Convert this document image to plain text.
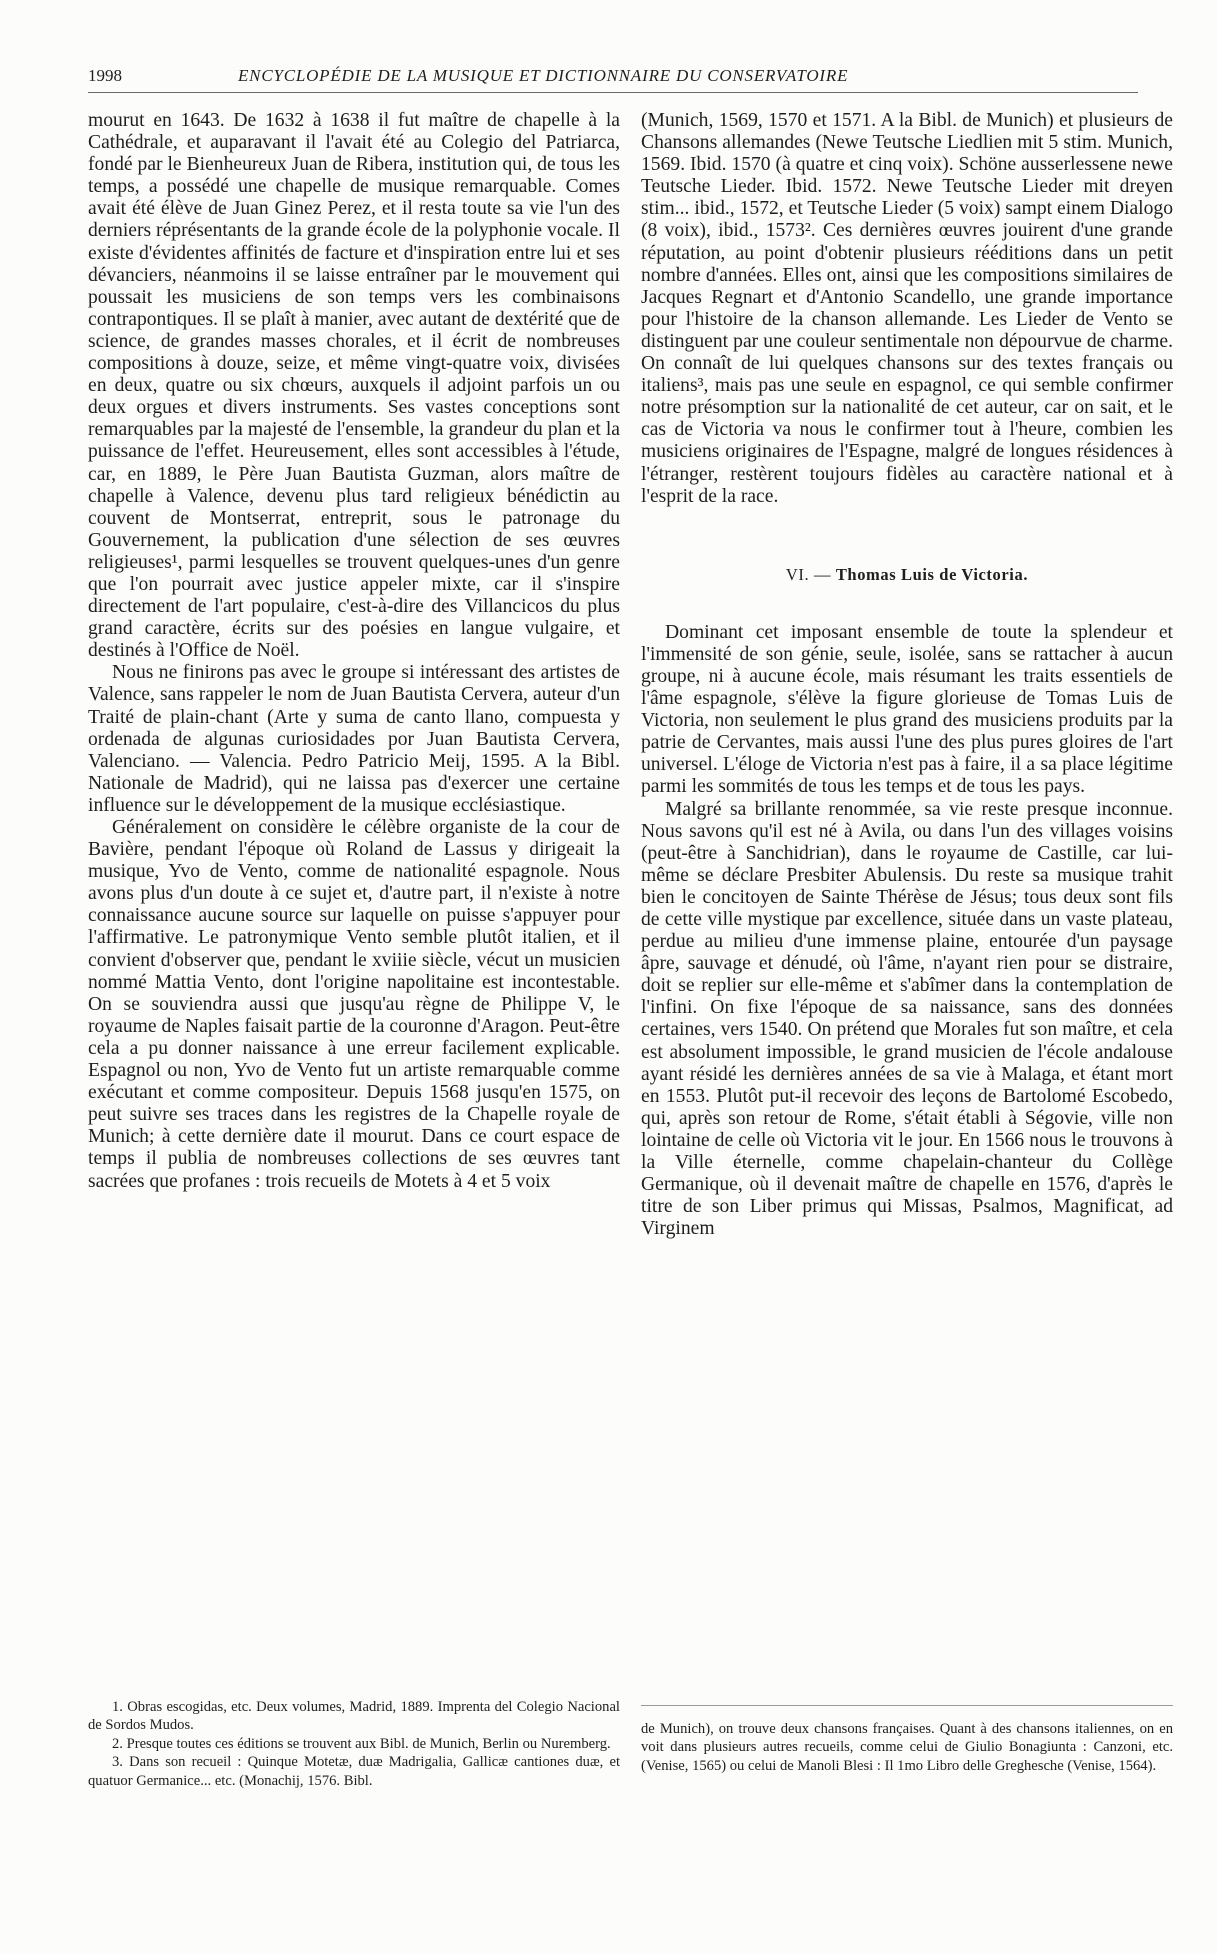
1998	ENCYCLOPÉDIE DE LA MUSIQUE ET DICTIONNAIRE DU CONSERVATOIRE

mourut en 1643. De 1632 à 1638 il fut maître de chapelle à la Cathédrale, et auparavant il l'avait été au Colegio del Patriarca, fondé par le Bienheureux Juan de Ribera, institution qui, de tous les temps, a possédé une chapelle de musique remarquable. Comes avait été élève de Juan Ginez Perez, et il resta toute sa vie l'un des derniers réprésentants de la grande école de la polyphonie vocale. Il existe d'évidentes affinités de facture et d'inspiration entre lui et ses dévanciers, néanmoins il se laisse entraîner par le mouvement qui poussait les musiciens de son temps vers les combinaisons contrapontiques. Il se plaît à manier, avec autant de dextérité que de science, de grandes masses chorales, et il écrit de nombreuses compositions à douze, seize, et même vingt-quatre voix, divisées en deux, quatre ou six chœurs, auxquels il adjoint parfois un ou deux orgues et divers instruments. Ses vastes conceptions sont remarquables par la majesté de l'ensemble, la grandeur du plan et la puissance de l'effet. Heureusement, elles sont accessibles à l'étude, car, en 1889, le Père Juan Bautista Guzman, alors maître de chapelle à Valence, devenu plus tard religieux bénédictin au couvent de Montserrat, entreprit, sous le patronage du Gouvernement, la publication d'une sélection de ses œuvres religieuses¹, parmi lesquelles se trouvent quelques-unes d'un genre que l'on pourrait avec justice appeler mixte, car il s'inspire directement de l'art populaire, c'est-à-dire des Villancicos du plus grand caractère, écrits sur des poésies en langue vulgaire, et destinés à l'Office de Noël.

Nous ne finirons pas avec le groupe si intéressant des artistes de Valence, sans rappeler le nom de Juan Bautista Cervera, auteur d'un Traité de plain-chant (Arte y suma de canto llano, compuesta y ordenada de algunas curiosidades por Juan Bautista Cervera, Valenciano. — Valencia. Pedro Patricio Meij, 1595. A la Bibl. Nationale de Madrid), qui ne laissa pas d'exercer une certaine influence sur le développement de la musique ecclésiastique.

Généralement on considère le célèbre organiste de la cour de Bavière, pendant l'époque où Roland de Lassus y dirigeait la musique, Yvo de Vento, comme de nationalité espagnole. Nous avons plus d'un doute à ce sujet et, d'autre part, il n'existe à notre connaissance aucune source sur laquelle on puisse s'appuyer pour l'affirmative. Le patronymique Vento semble plutôt italien, et il convient d'observer que, pendant le xviiie siècle, vécut un musicien nommé Mattia Vento, dont l'origine napolitaine est incontestable. On se souviendra aussi que jusqu'au règne de Philippe V, le royaume de Naples faisait partie de la couronne d'Aragon. Peut-être cela a pu donner naissance à une erreur facilement explicable. Espagnol ou non, Yvo de Vento fut un artiste remarquable comme exécutant et comme compositeur. Depuis 1568 jusqu'en 1575, on peut suivre ses traces dans les registres de la Chapelle royale de Munich; à cette dernière date il mourut. Dans ce court espace de temps il publia de nombreuses collections de ses œuvres tant sacrées que profanes : trois recueils de Motets à 4 et 5 voix

(Munich, 1569, 1570 et 1571. A la Bibl. de Munich) et plusieurs de Chansons allemandes (Newe Teutsche Liedlien mit 5 stim. Munich, 1569. Ibid. 1570 (à quatre et cinq voix). Schöne ausserlessene newe Teutsche Lieder. Ibid. 1572. Newe Teutsche Lieder mit dreyen stim... ibid., 1572, et Teutsche Lieder (5 voix) sampt einem Dialogo (8 voix), ibid., 1573². Ces dernières œuvres jouirent d'une grande réputation, au point d'obtenir plusieurs rééditions dans un petit nombre d'années. Elles ont, ainsi que les compositions similaires de Jacques Regnart et d'Antonio Scandello, une grande importance pour l'histoire de la chanson allemande. Les Lieder de Vento se distinguent par une couleur sentimentale non dépourvue de charme. On connaît de lui quelques chansons sur des textes français ou italiens³, mais pas une seule en espagnol, ce qui semble confirmer notre présomption sur la nationalité de cet auteur, car on sait, et le cas de Victoria va nous le confirmer tout à l'heure, combien les musiciens originaires de l'Espagne, malgré de longues résidences à l'étranger, restèrent toujours fidèles au caractère national et à l'esprit de la race.

VI. — Thomas Luis de Victoria.

Dominant cet imposant ensemble de toute la splendeur et l'immensité de son génie, seule, isolée, sans se rattacher à aucun groupe, ni à aucune école, mais résumant les traits essentiels de l'âme espagnole, s'élève la figure glorieuse de Tomas Luis de Victoria, non seulement le plus grand des musiciens produits par la patrie de Cervantes, mais aussi l'une des plus pures gloires de l'art universel. L'éloge de Victoria n'est pas à faire, il a sa place légitime parmi les sommités de tous les temps et de tous les pays.

Malgré sa brillante renommée, sa vie reste presque inconnue. Nous savons qu'il est né à Avila, ou dans l'un des villages voisins (peut-être à Sanchidrian), dans le royaume de Castille, car lui-même se déclare Presbiter Abulensis. Du reste sa musique trahit bien le concitoyen de Sainte Thérèse de Jésus; tous deux sont fils de cette ville mystique par excellence, située dans un vaste plateau, perdue au milieu d'une immense plaine, entourée d'un paysage âpre, sauvage et dénudé, où l'âme, n'ayant rien pour se distraire, doit se replier sur elle-même et s'abîmer dans la contemplation de l'infini. On fixe l'époque de sa naissance, sans des données certaines, vers 1540. On prétend que Morales fut son maître, et cela est absolument impossible, le grand musicien de l'école andalouse ayant résidé les dernières années de sa vie à Malaga, et étant mort en 1553. Plutôt put-il recevoir des leçons de Bartolomé Escobedo, qui, après son retour de Rome, s'était établi à Ségovie, ville non lointaine de celle où Victoria vit le jour. En 1566 nous le trouvons à la Ville éternelle, comme chapelain-chanteur du Collège Germanique, où il devenait maître de chapelle en 1576, d'après le titre de son Liber primus qui Missas, Psalmos, Magnificat, ad Virginem

1. Obras escogidas, etc. Deux volumes, Madrid, 1889. Imprenta del Colegio Nacional de Sordos Mudos.

2. Presque toutes ces éditions se trouvent aux Bibl. de Munich, Berlin ou Nuremberg.

3. Dans son recueil : Quinque Motetæ, duæ Madrigalia, Gallicæ cantiones duæ, et quatuor Germanice... etc. (Monachij, 1576. Bibl.

de Munich), on trouve deux chansons françaises. Quant à des chansons italiennes, on en voit dans plusieurs autres recueils, comme celui de Giulio Bonagiunta : Canzoni, etc. (Venise, 1565) ou celui de Manoli Blesi : Il 1mo Libro delle Greghesche (Venise, 1564).
